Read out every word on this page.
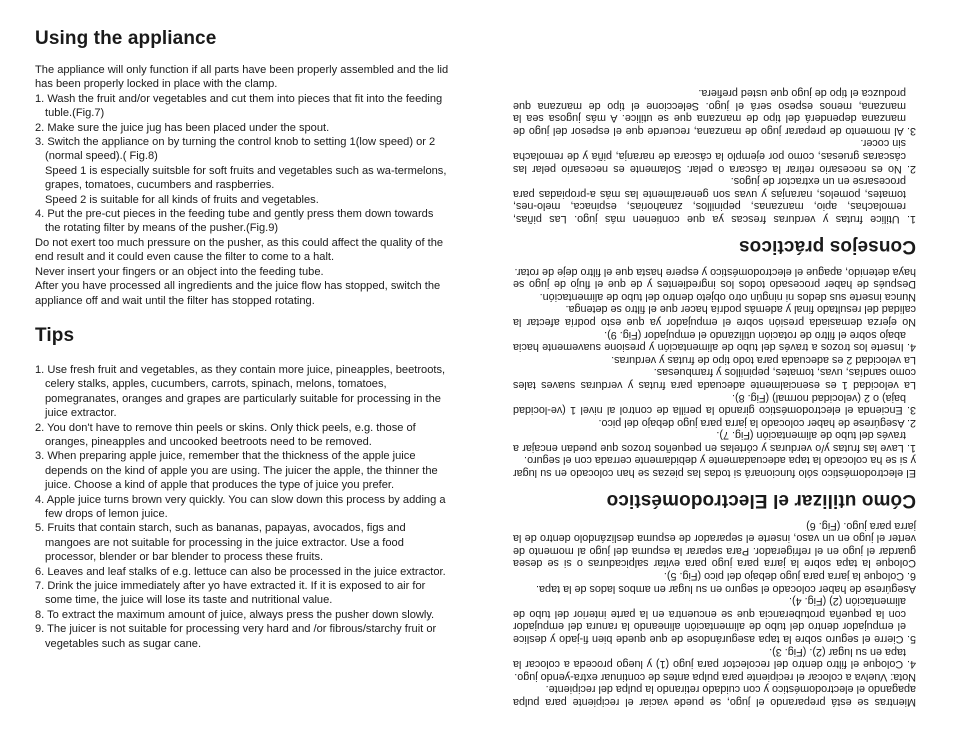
Using the appliance

The appliance will only function if all parts have been properly assembled and the lid has been properly locked in place with the clamp.

1. Wash the fruit and/or vegetables and cut them into pieces that fit into the feeding tuble.(Fig.7)

2. Make sure the juice jug has been placed under the spout.

3. Switch the appliance on by turning the control knob to setting 1(low speed) or 2 (normal speed).( Fig.8)

Speed 1 is especially suitsble for soft fruits and vegetables such as wa-termelons, grapes, tomatoes, cucumbers and raspberries.

Speed 2 is suitable for all kinds of fruits and vegetables.

4. Put the pre-cut pieces in the feeding tube and gently press them down towards the rotating filter by means of the pusher.(Fig.9)

Do not exert too much pressure on the pusher, as this could affect the quality of the end result and it could even cause the filter to come to a halt.

Never insert your fingers or an object into the feeding tube.

After you have processed all ingredients and the juice flow has stopped, switch the appliance off and wait until the filter has stopped rotating.

Tips

1. Use fresh fruit and vegetables, as they contain more juice, pineapples, beetroots, celery stalks, apples, cucumbers, carrots, spinach, melons, tomatoes, pomegranates, oranges and grapes are particularly suitable for processing in the juice extractor.

2. You don't have to remove thin peels or skins. Only thick peels, e.g. those of oranges, pineapples and uncooked beetroots need to be removed.

3. When preparing apple juice, remember that the thickness of the apple juice depends on the kind of apple you are using. The juicer the apple, the thinner the juice. Choose a kind of apple that produces the type of juice you prefer.

4. Apple juice turns brown very quickly. You can slow down this process by adding a few drops of lemon juice.

5. Fruits that contain starch, such as bananas, papayas, avocados, figs and mangoes are not suitable for processing in the juice extractor. Use a food processor, blender or bar blender to process these fruits.

6. Leaves and leaf stalks of e.g. lettuce can also be processed in the juice extractor.

7. Drink the juice immediately after yo have extracted it. If it is exposed to air for some time, the juice will lose its taste and nutritional value.

8. To extract the maximum amount of juice, always press the pusher down slowly.

9. The juicer is not suitable for processing very hard and /or fibrous/starchy fruit or vegetables such as sugar cane.

Mientras se está preparando el jugo, se puede vaciar el recipiente para pulpa apagando el electrodoméstico y con cuidado retirando la pulpa del recipiente.

Nota: Vuelva a colocar el recipiente para pulpa antes de continuar extra-yendo jugo.

4. Coloque el filtro dentro del recolector para jugo (1) y luego proceda a colocar la tapa en su lugar (2). (Fig. 3).

5. Cierre el seguro sobre la tapa asegurándose de que quede bien fi-jado y deslice el empujador dentro del tubo de alimentación alineando la ranura del empujador con la pequeña protuberancia que se encuentra en la parte interior del tubo de alimentación (2) (Fig. 4).

Asegúrese de haber colocado el seguro en su lugar en ambos lados de la tapa.

6. Coloque la jarra para jugo debajo del pico (Fig. 5).

Coloque la tapa sobre la jarra para jugo para evitar salpicaduras o si se desea guardar el jugo en el refrigerador. Para separar la espuma del jugo al momento de verter el jugo en un vaso, inserte el separador de espuma deslizándolo dentro de la jarra para jugo. (Fig. 6)

Cómo utilizar el Electrodoméstico

El electrodoméstico sólo funcionará si todas las piezas se han colocado en su lugar y si se ha colocado la tapa adecuadamente y debidamente cerrada con el seguro.

1. Lave las frutas y/o verduras y córtelas en pequeños trozos que puedan encajar a través del tubo de alimentación (Fig. 7).

2. Asegúrese de haber colocado la jarra para jugo debajo del pico.

3. Encienda el electrodoméstico girando la perilla de control al nivel 1 (ve-locidad baja) o 2 (velocidad normal) (Fig. 8).

La velocidad 1 es esencialmente adecuada para frutas y verduras suaves tales como sandías, uvas, tomates, pepinillos y frambuesas.

La velocidad 2 es adecuada para todo tipo de frutas y verduras.

4. Inserte los trozos a través del tubo de alimentación y presione suavemente hacia abajo sobre el filtro de rotación utilizando el empujador (Fig. 9).

No ejerza demasiada presión sobre el empujador ya que esto podría afectar la calidad del resultado final y además podría hacer que el filtro se detenga.

Nunca inserte sus dedos ni ningún otro objeto dentro del tubo de alimentación.

Después de haber procesado todos los ingredientes y de que el flujo de jugo se haya detenido, apague el electrodoméstico y espere hasta que el filtro deje de rotar.

Consejos prácticos

1. Utilice frutas y verduras frescas ya que contienen más jugo. Las piñas, remolachas, apio, manzanas, pepinillos, zanahorias, espinaca, melo-nes, tomates, pomelos, naranjas y uvas son generalmente las más a-propiadas para procesarse en un extractor de jugos.

2. No es necesario retirar la cáscara o pelar. Solamente es necesario pelar las cáscaras gruesas, como por ejemplo la cáscara de naranja, piña y de remolacha sin cocer.

3. Al momento de preparar jugo de manzana, recuerde que el espesor del jugo de manzana dependerá del tipo de manzana que se utilice. A más jugosa sea la manzana, menos espeso será el jugo. Seleccione el tipo de manzana que produzca el tipo de jugo que usted prefiera.
